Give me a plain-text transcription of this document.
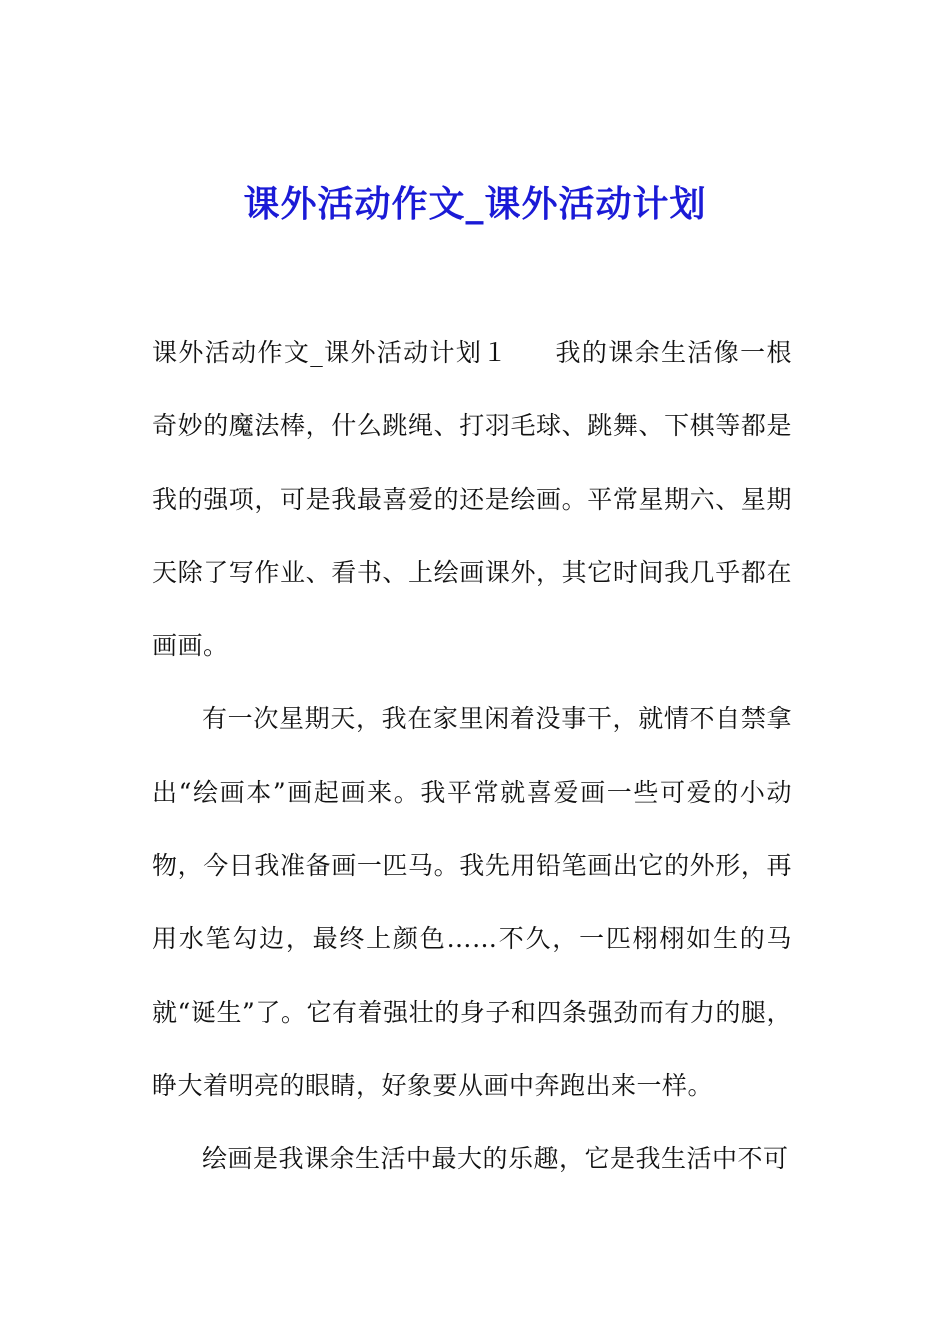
课外活动作文_课外活动计划

课外活动作文_课外活动计划１ 我的课余生活像一根奇妙的魔法棒，什么跳绳、打羽毛球、跳舞、下棋等都是我的强项，可是我最喜爱的还是绘画。平常星期六、星期天除了写作业、看书、上绘画课外，其它时间我几乎都在画画。

有一次星期天，我在家里闲着没事干，就情不自禁拿出“绘画本”画起画来。我平常就喜爱画一些可爱的小动物，今日我准备画一匹马。我先用铅笔画出它的外形，再用水笔勾边，最终上颜色……不久，一匹栩栩如生的马就“诞生”了。它有着强壮的身子和四条强劲而有力的腿，睁大着明亮的眼睛，好象要从画中奔跑出来一样。

绘画是我课余生活中最大的乐趣，它是我生活中不可
